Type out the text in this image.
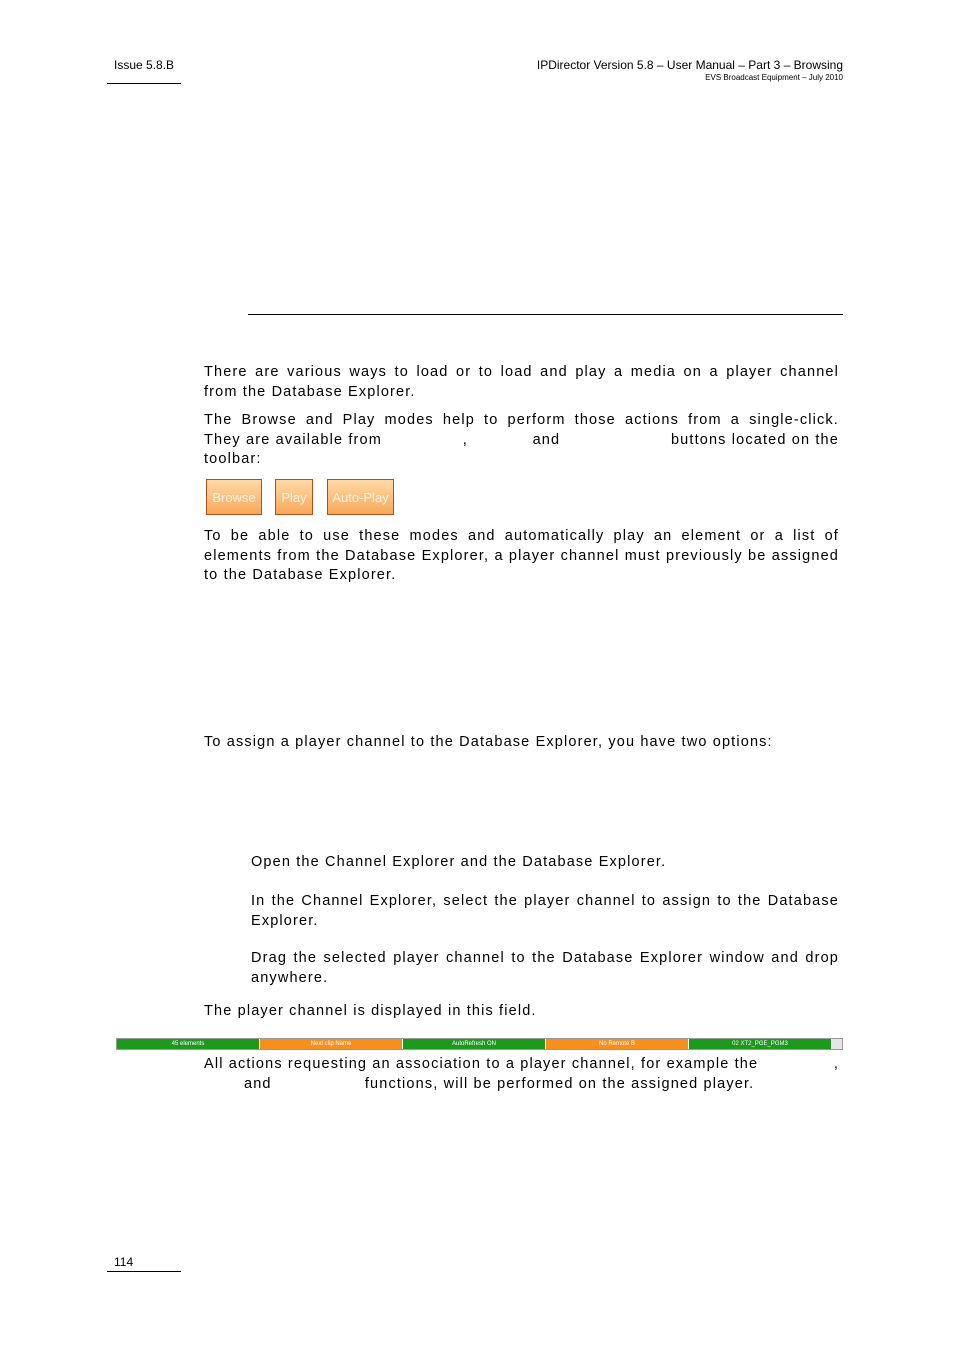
Issue 5.8.B	IPDirector Version 5.8 – User Manual – Part 3 – Browsing
EVS Broadcast Equipment – July 2010
There are various ways to load or to load and play a media on a player channel from the Database Explorer.
The Browse and Play modes help to perform those actions from a single-click.
They are available from	,	and	buttons located on the
toolbar:
Browse	Play	Auto-Play
To be able to use these modes and automatically play an element or a list of elements from the Database Explorer, a player channel must previously be assigned to the Database Explorer.
To assign a player channel to the Database Explorer, you have two options:
Open the Channel Explorer and the Database Explorer.
In the Channel Explorer, select the player channel to assign to the Database Explorer.
Drag the selected player channel to the Database Explorer window and drop anywhere.
The player channel is displayed in this field.
45 elements	Next clip Name	AutoRefresh ON	No Remote B	02 XT2_PGE_PGM3
All actions requesting an association to a player channel, for example the	,
and	functions, will be performed on the assigned player.
114
